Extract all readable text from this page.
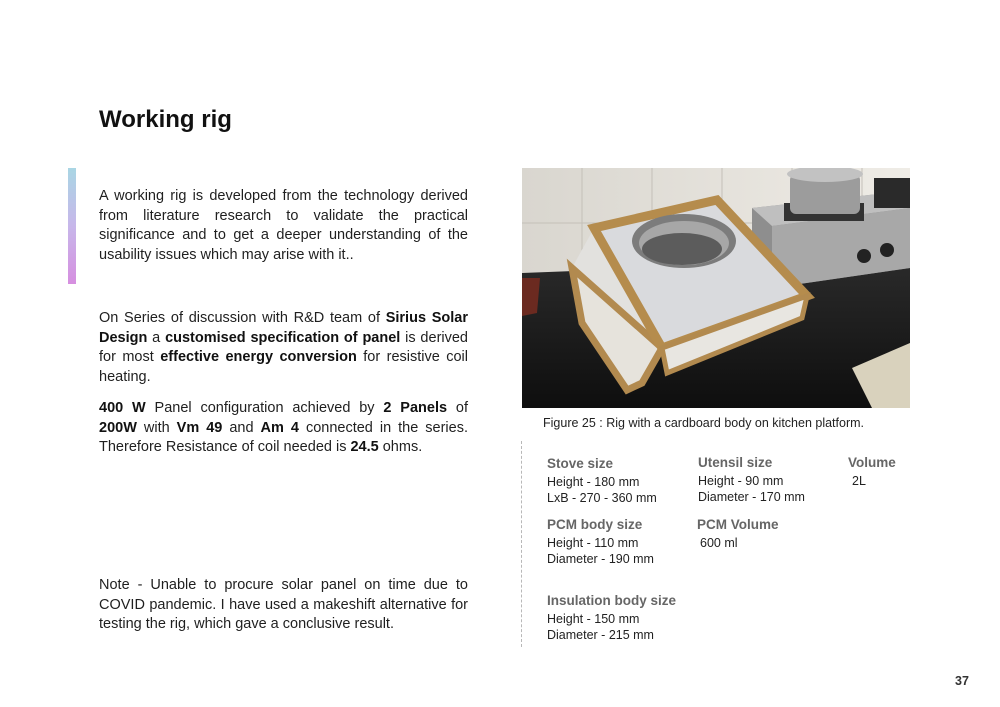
Working rig
A working rig is developed from the technology derived from literature research to validate the practical significance and to get a deeper understanding of the usability issues which may arise with it..
On Series of discussion with R&D team of Sirius Solar Design a customised specification of panel is derived for most effective energy conversion for resistive coil heating.
400 W Panel configuration achieved by 2 Panels of 200W with Vm 49 and Am 4 connected in the series. Therefore Resistance of coil needed is 24.5 ohms.
Note - Unable to procure solar panel on time due to COVID pandemic. I have used a makeshift alternative for testing the rig, which gave a conclusive result.
Figure 25 : Rig with a cardboard body on kitchen platform.
Stove size
Height - 180 mm
LxB - 270 - 360 mm
Utensil size
Height - 90 mm
Diameter - 170 mm
Volume
2L
PCM body size
Height - 110 mm
Diameter - 190 mm
PCM Volume
600 ml
Insulation body size
Height - 150 mm
Diameter - 215 mm
37
